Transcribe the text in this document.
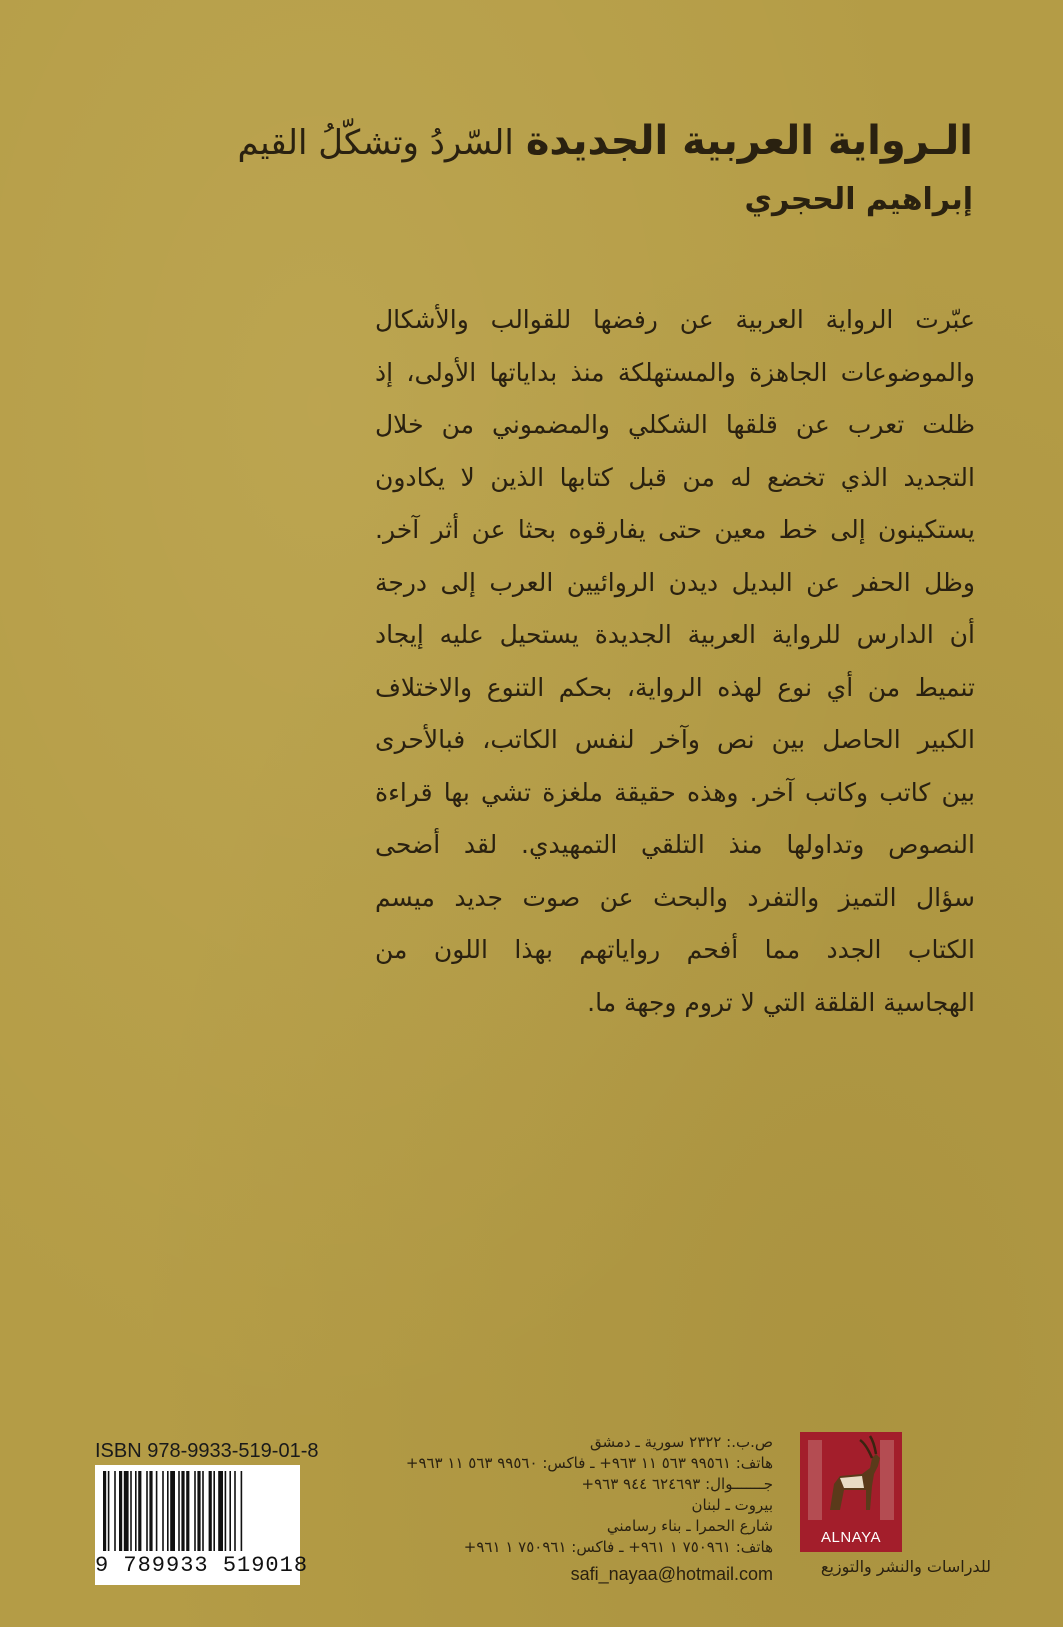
الـرواية العربية الجديدةالسّردُ وتشكّلُ القيم
إبراهيم الحجري
عبّرت الرواية العربية عن رفضها للقوالب والأشكال
والموضوعات الجاهزة والمستهلكة منذ بداياتها الأولى، إذ
ظلت تعرب عن قلقها الشكلي والمضموني من خلال
التجديد الذي تخضع له من قبل كتابها الذين لا يكادون
يستكينون إلى خط معين حتى يفارقوه بحثا عن أثر آخر.
وظل الحفر عن البديل ديدن الروائيين العرب إلى درجة
أن الدارس للرواية العربية الجديدة يستحيل عليه إيجاد
تنميط من أي نوع لهذه الرواية، بحكم التنوع والاختلاف
الكبير الحاصل بين نص وآخر لنفس الكاتب، فبالأحرى
بين كاتب وكاتب آخر. وهذه حقيقة ملغزة تشي بها قراءة
النصوص وتداولها منذ التلقي التمهيدي. لقد أضحى
سؤال التميز والتفرد والبحث عن صوت جديد ميسم
الكتاب الجدد مما أفحم رواياتهم بهذا اللون من
الهجاسية القلقة التي لا تروم وجهة ما.
ISBN 978-9933-519-01-8
9 789933 519018
ص.ب.: ٢٣٢٢ سورية ـ دمشق
هاتف: ٩٩٥٦١ ٥٦٣ ١١ ٩٦٣+ ـ فاكس: ٩٩٥٦٠ ٥٦٣ ١١ ٩٦٣+
جـــــــوال: ٦٢٤٦٩٣ ٩٤٤ ٩٦٣+
بيروت ـ لبنان
شارع الحمرا ـ بناء رسامني
هاتف: ٧٥٠٩٦١ ١ ٩٦١+ ـ فاكس: ٧٥٠٩٦١ ١ ٩٦١+
safi_nayaa@hotmail.com
ALNAYA
للدراسات والنشر والتوزيع
